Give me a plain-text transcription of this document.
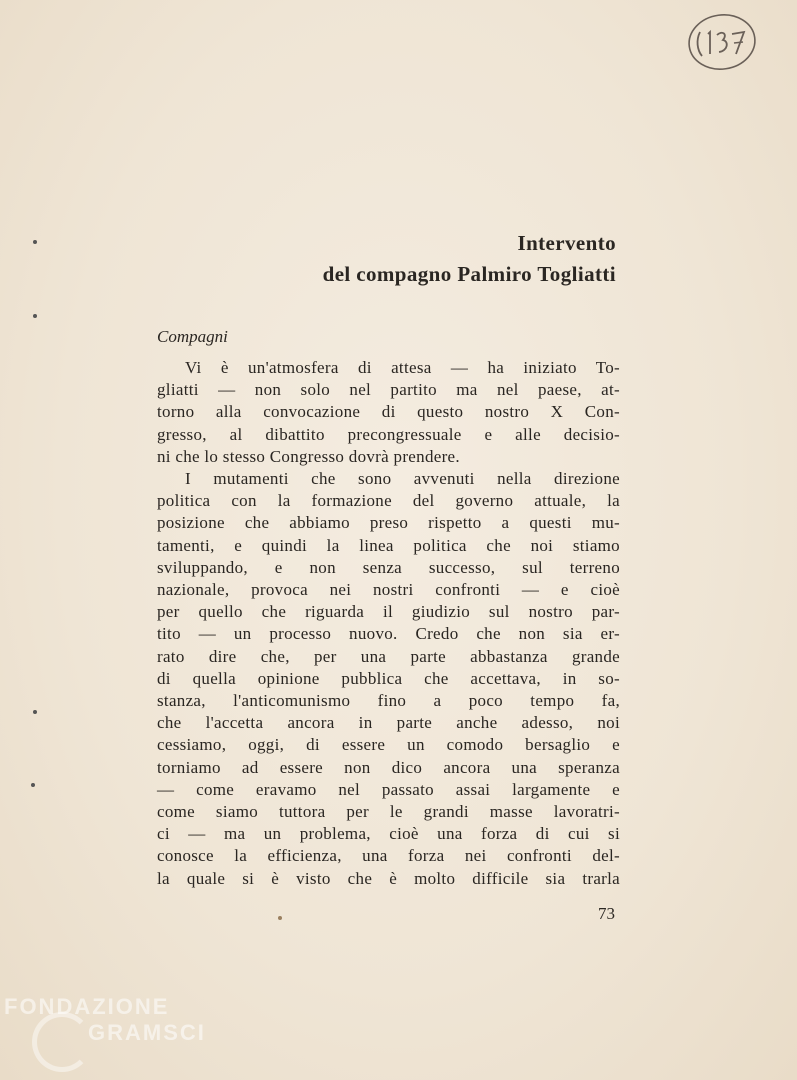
Intervento
del compagno Palmiro Togliatti
Compagni
Vi è un'atmosfera di attesa — ha iniziato To-
gliatti — non solo nel partito ma nel paese, at-
torno alla convocazione di questo nostro X Con-
gresso, al dibattito precongressuale e alle decisio-
ni che lo stesso Congresso dovrà prendere.
I mutamenti che sono avvenuti nella direzione
politica con la formazione del governo attuale, la
posizione che abbiamo preso rispetto a questi mu-
tamenti, e quindi la linea politica che noi stiamo
sviluppando, e non senza successo, sul terreno
nazionale, provoca nei nostri confronti — e cioè
per quello che riguarda il giudizio sul nostro par-
tito — un processo nuovo. Credo che non sia er-
rato dire che, per una parte abbastanza grande
di quella opinione pubblica che accettava, in so-
stanza, l'anticomunismo fino a poco tempo fa,
che l'accetta ancora in parte anche adesso, noi
cessiamo, oggi, di essere un comodo bersaglio e
torniamo ad essere non dico ancora una speranza
— come eravamo nel passato assai largamente e
come siamo tuttora per le grandi masse lavoratri-
ci — ma un problema, cioè una forza di cui si
conosce la efficienza, una forza nei confronti del-
la quale si è visto che è molto difficile sia trarla
73
FONDAZIONE
GRAMSCI
